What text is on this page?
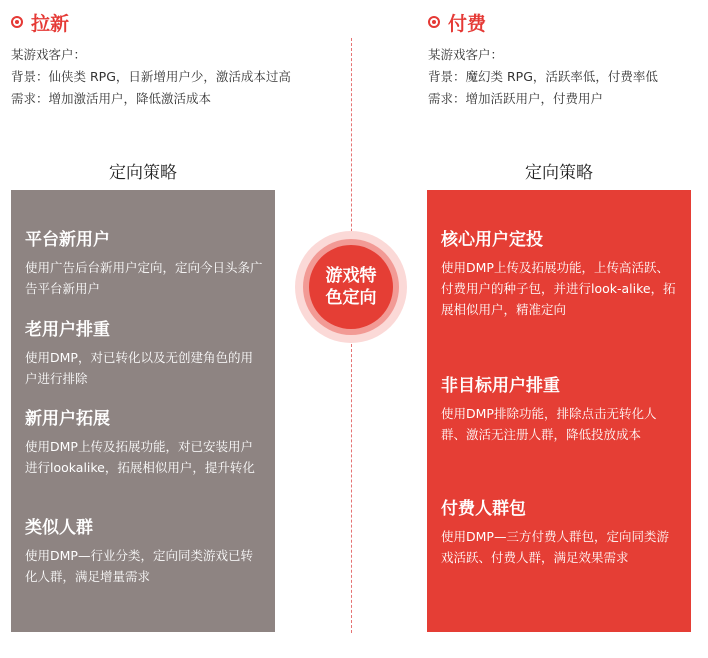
拉新
某游戏客户：
背景：仙侠类 RPG，日新增用户少，激活成本过高
需求：增加激活用户，降低激活成本
付费
某游戏客户：
背景：魔幻类 RPG，活跃率低，付费率低
需求：增加活跃用户，付费用户
定向策略	定向策略
平台新用户
使用广告后台新用户定向，定向今日头条广告平台新用户
老用户排重
使用DMP，对已转化以及无创建角色的用户进行排除
新用户拓展
使用DMP上传及拓展功能，对已安装用户进行lookalike，拓展相似用户，提升转化
类似人群
使用DMP—行业分类，定向同类游戏已转化人群，满足增量需求
核心用户定投
使用DMP上传及拓展功能，上传高活跃、付费用户的种子包，并进行look-alike，拓展相似用户，精准定向
非目标用户排重
使用DMP排除功能，排除点击无转化人群、激活无注册人群，降低投放成本
付费人群包
使用DMP—三方付费人群包，定向同类游戏活跃、付费人群，满足效果需求
游戏特
色定向
